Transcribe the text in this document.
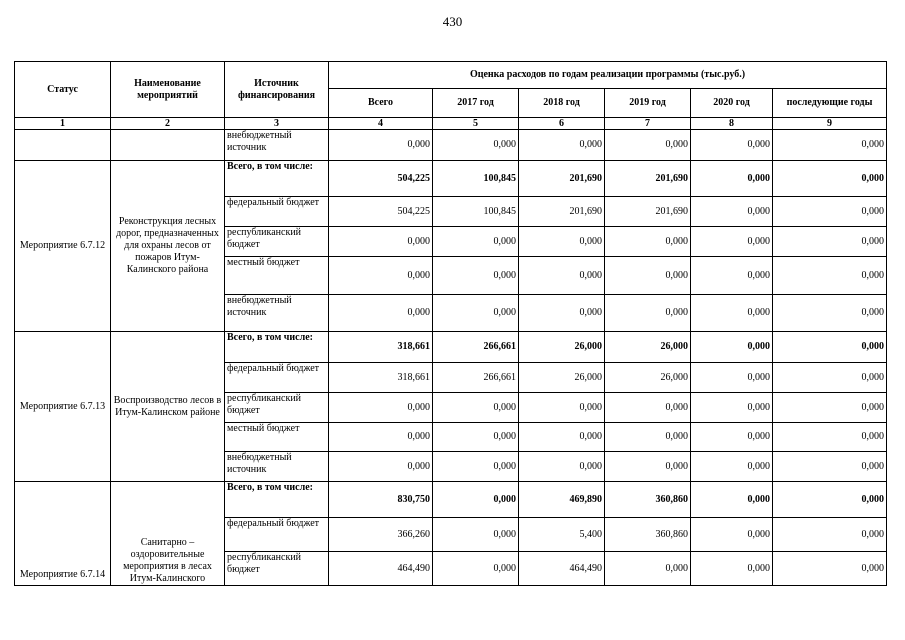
430
Статус	Наименование мероприятий	Источник финансирования	Оценка расходов по годам реализации программы (тыс.руб.)					
			Всего	2017 год	2018 год	2019 год	2020 год	последующие годы
1	2	3	4	5	6	7	8	9
		внебюджетный источник	0,000	0,000	0,000	0,000	0,000	0,000
Мероприятие 6.7.12	Реконструкция лесных дорог, предназначенных для охраны лесов от пожаров Итум-Калинского района	Всего, в том числе:	504,225	100,845	201,690	201,690	0,000	0,000
		федеральный бюджет	504,225	100,845	201,690	201,690	0,000	0,000
		республиканский бюджет	0,000	0,000	0,000	0,000	0,000	0,000
		местный бюджет	0,000	0,000	0,000	0,000	0,000	0,000
		внебюджетный источник	0,000	0,000	0,000	0,000	0,000	0,000
Мероприятие 6.7.13	Воспроизводство лесов в Итум-Калинском районе	Всего, в том числе:	318,661	266,661	26,000	26,000	0,000	0,000
		федеральный бюджет	318,661	266,661	26,000	26,000	0,000	0,000
		республиканский бюджет	0,000	0,000	0,000	0,000	0,000	0,000
		местный бюджет	0,000	0,000	0,000	0,000	0,000	0,000
		внебюджетный источник	0,000	0,000	0,000	0,000	0,000	0,000
Мероприятие 6.7.14	Санитарно – оздоровительные мероприятия в лесах Итум-Калинского	Всего, в том числе:	830,750	0,000	469,890	360,860	0,000	0,000
		федеральный бюджет	366,260	0,000	5,400	360,860	0,000	0,000
		республиканский бюджет	464,490	0,000	464,490	0,000	0,000	0,000
